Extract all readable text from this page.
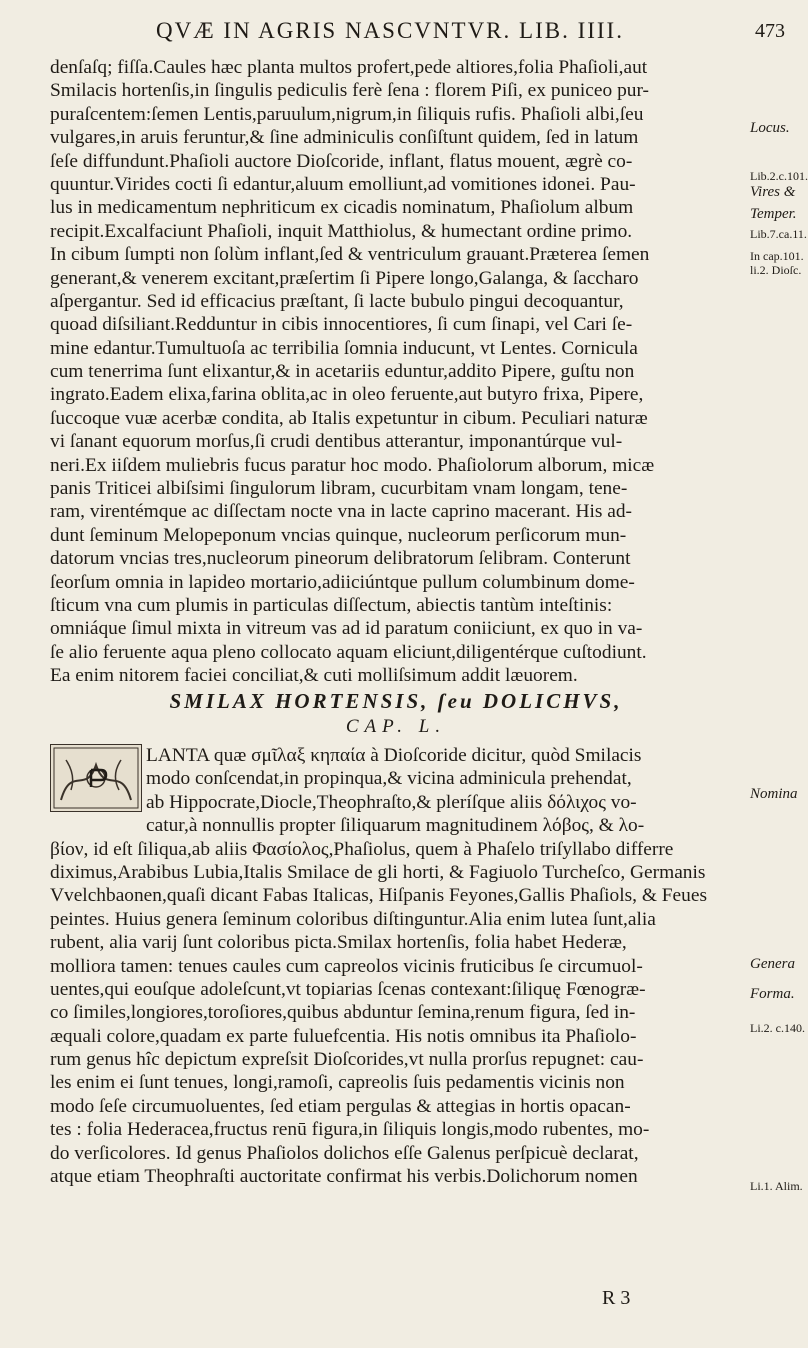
QVÆ IN AGRIS NASCVNTVR. LIB. IIII.	473
denſaſq; fiſſa.Caules hæc planta multos profert,pede altiores,folia Phaſioli,aut
Smilacis hortenſis,in ſingulis pediculis ferè ſena : florem Piſi, ex puniceo pur-
puraſcentem:ſemen Lentis,paruulum,nigrum,in ſiliquis rufis. Phaſioli albi,ſeu
vulgares,in aruis feruntur,& ſine adminiculis conſiſtunt quidem, ſed in latum
ſeſe diffundunt.Phaſioli auctore Dioſcoride, inflant, flatus mouent, ægrè co-
quuntur.Virides cocti ſi edantur,aluum emolliunt,ad vomitiones idonei. Pau-
lus in medicamentum nephriticum ex cicadis nominatum, Phaſiolum album
recipit.Excalfaciunt Phaſioli, inquit Matthiolus, & humectant ordine primo.
In cibum ſumpti non ſolùm inflant,ſed & ventriculum grauant.Præterea ſemen
generant,& venerem excitant,præſertim ſi Pipere longo,Galanga, & ſaccharo
aſpergantur. Sed id efficacius præſtant, ſi lacte bubulo pingui decoquantur,
quoad diſsiliant.Redduntur in cibis innocentiores, ſi cum ſinapi, vel Cari ſe-
mine edantur.Tumultuoſa ac terribilia ſomnia inducunt, vt Lentes. Cornicula
cum tenerrima ſunt elixantur,& in acetariis eduntur,addito Pipere, guſtu non
ingrato.Eadem elixa,farina oblita,ac in oleo feruente,aut butyro frixa, Pipere,
ſuccoque vuæ acerbæ condita, ab Italis expetuntur in cibum. Peculiari naturæ
vi ſanant equorum morſus,ſi crudi dentibus atterantur, imponantúrque vul-
neri.Ex iiſdem muliebris fucus paratur hoc modo. Phaſiolorum alborum, micæ
panis Triticei albiſsimi ſingulorum libram, cucurbitam vnam longam, tene-
ram, virentémque ac diſſectam nocte vna in lacte caprino macerant. His ad-
dunt ſeminum Melopeponum vncias quinque, nucleorum perſicorum mun-
datorum vncias tres,nucleorum pineorum delibratorum ſelibram. Conterunt
ſeorſum omnia in lapideo mortario,adiiciúntque pullum columbinum dome-
ſticum vna cum plumis in particulas diſſectum, abiectis tantùm inteſtinis:
omniáque ſimul mixta in vitreum vas ad id paratum coniiciunt, ex quo in va-
ſe alio feruente aqua pleno collocato aquam eliciunt,diligentérque cuſtodiunt.
Ea enim nitorem faciei conciliat,& cuti molliſsimum addit læuorem.
Locus.
Lib.2.c.101.
Vires &
Temper.
Lib.7.ca.11.
In cap.101.
li.2. Dioſc.
SMILAX HORTENSIS, ſeu DOLICHVS,
CAP. L.
LANTA quæ σμῖλαξ κηπαία à Dioſcoride dicitur, quòd Smilacis
modo conſcendat,in propinqua,& vicina adminicula prehendat,
ab Hippocrate,Diocle,Theophraſto,& pleríſque aliis δόλιχος vo-
catur,à nonnullis propter ſiliquarum magnitudinem λόβος, & λο-
βίον, id eſt ſiliqua,ab aliis Φασίολος,Phaſiolus, quem à Phaſelo triſyllabo differre
diximus,Arabibus Lubia,Italis Smilace de gli horti, & Fagiuolo Turcheſco, Germanis
Vvelchbaonen,quaſi dicant Fabas Italicas, Hiſpanis Feyones,Gallis Phaſiols, & Feues
peintes. Huius genera ſeminum coloribus diſtinguntur.Alia enim lutea ſunt,alia
rubent, alia varij ſunt coloribus picta.Smilax hortenſis, folia habet Hederæ,
molliora tamen: tenues caules cum capreolos vicinis fruticibus ſe circumuol-
uentes,qui eouſque adoleſcunt,vt topiarias ſcenas contexant:ſiliquę Fœnogræ-
co ſimiles,longiores,toroſiores,quibus abduntur ſemina,renum figura, ſed in-
æquali colore,quadam ex parte fuluefcentia. His notis omnibus ita Phaſiolo-
rum genus hîc depictum expreſsit Dioſcorides,vt nulla prorſus repugnet: cau-
les enim ei ſunt tenues, longi,ramoſi, capreolis ſuis pedamentis vicinis non
modo ſeſe circumuoluentes, ſed etiam pergulas & attegias in hortis opacan-
tes : folia Hederacea,fructus renū figura,in ſiliquis longis,modo rubentes, mo-
do verſicolores. Id genus Phaſiolos dolichos eſſe Galenus perſpicuè declarat,
atque etiam Theophraſti auctoritate confirmat his verbis.Dolichorum nomen
Nomina
Genera
Forma.
Li.2. c.140.
Li.1. Alim.
R 3
